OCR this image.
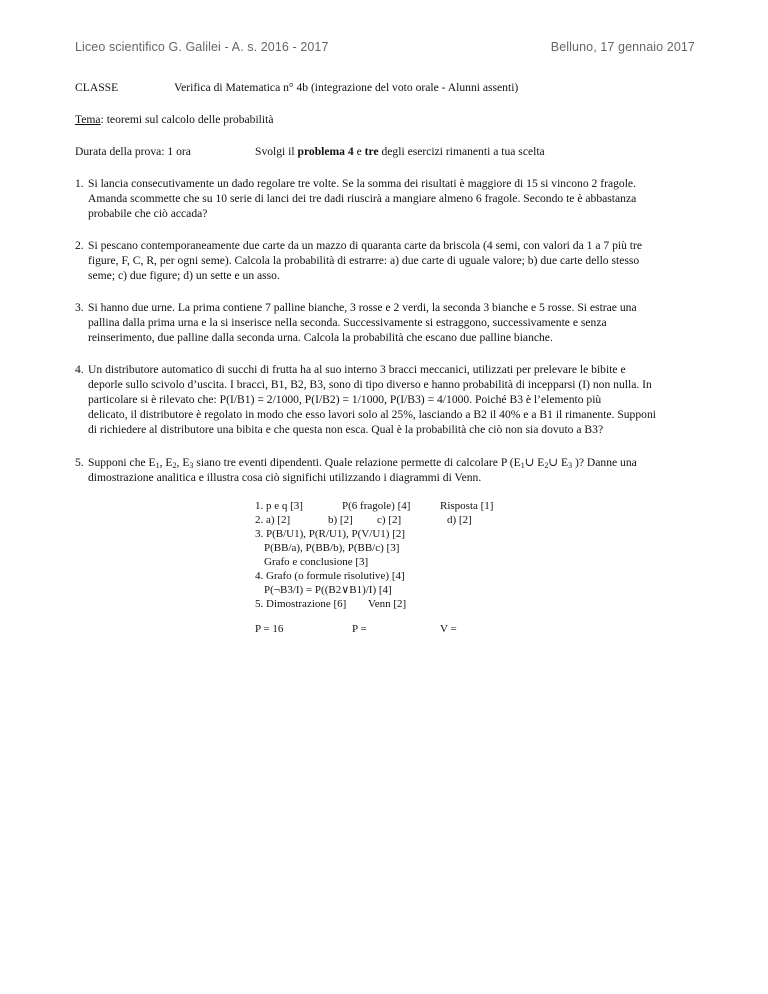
Liceo scientifico G. Galilei - A. s. 2016 - 2017	Belluno, 17 gennaio 2017
CLASSE	Verifica di Matematica n° 4b (integrazione del voto orale - Alunni assenti)
Tema: teoremi sul calcolo delle probabilità
Durata della prova: 1 ora	Svolgi il problema 4 e tre degli esercizi rimanenti a tua scelta
1. Si lancia consecutivamente un dado regolare tre volte. Se la somma dei risultati è maggiore di 15 si vincono 2 fragole.
Amanda scommette che su 10 serie di lanci dei tre dadi riuscirà a mangiare almeno 6 fragole. Secondo te è abbastanza
probabile che ciò accada?
2. Si pescano contemporaneamente due carte da un mazzo di quaranta carte da briscola (4 semi, con valori da 1 a 7 più tre
figure, F, C, R, per ogni seme). Calcola la probabilità di estrarre: a) due carte di uguale valore; b) due carte dello stesso
seme; c) due figure; d) un sette e un asso.
3. Si hanno due urne. La prima contiene 7 palline bianche, 3 rosse e 2 verdi, la seconda 3 bianche e 5 rosse. Si estrae una
pallina dalla prima urna e la si inserisce nella seconda. Successivamente si estraggono, successivamente e senza
reinserimento, due palline dalla seconda urna. Calcola la probabilità che escano due palline bianche.
4. Un distributore automatico di succhi di frutta ha al suo interno 3 bracci meccanici, utilizzati per prelevare le bibite e
deporle sullo scivolo d’uscita. I bracci, B1, B2, B3, sono di tipo diverso e hanno probabilità di incepparsi (I) non nulla. In
particolare si è rilevato che: P(I/B1) = 2/1000, P(I/B2) = 1/1000, P(I/B3) = 4/1000. Poiché B3 è l’elemento più
delicato, il distributore è regolato in modo che esso lavori solo al 25%, lasciando a B2 il 40% e a B1 il rimanente. Supponi
di richiedere al distributore una bibita e che questa non esca. Qual è la probabilità che ciò non sia dovuto a B3?
5. Supponi che $E_1$, $E_2$, $E_3$ siano tre eventi dipendenti. Quale relazione permette di calcolare P ($E_1\cup$ $E_2\cup$ $E_3$ )? Danne una
dimostrazione analitica e illustra cosa ciò significhi utilizzando i diagrammi di Venn.
1. p e q [3]	P(6 fragole) [4]	Risposta [1]
2. a) [2]	b) [2] c) [2]	d) [2]
3. P(B/U1), P(R/U1), P(V/U1) [2]
P(BB/a), P(BB/b), P(BB/c) [3]
Grafo e conclusione [3]
4. Grafo (o formule risolutive) [4]
P(¬B3/I) = P((B2∨B1)/I) [4]
5. Dimostrazione [6] Venn [2]
P = 16	P =	V =
